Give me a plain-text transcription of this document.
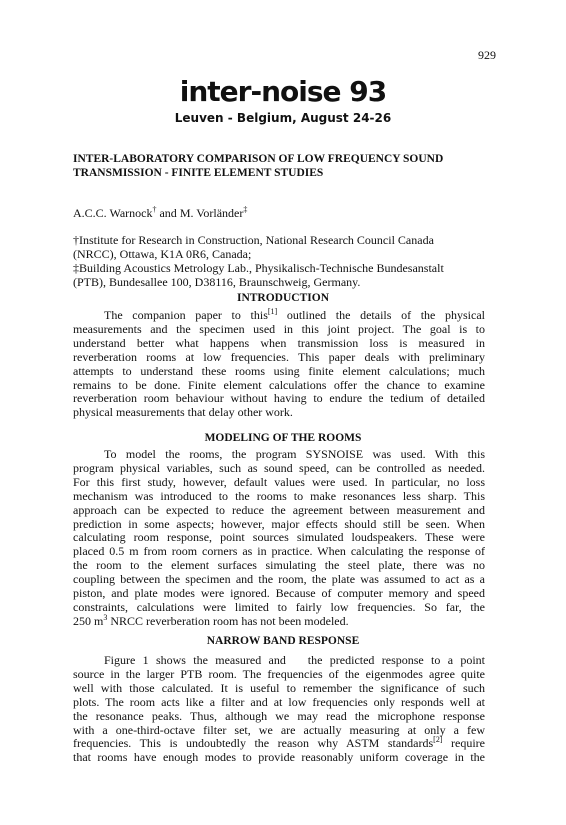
929
inter-noise 93
Leuven - Belgium, August 24-26
INTER-LABORATORY COMPARISON OF LOW FREQUENCY SOUND
TRANSMISSION - FINITE ELEMENT STUDIES
A.C.C. Warnock† and M. Vorländer‡
†Institute for Research in Construction, National Research Council Canada
(NRCC), Ottawa, K1A 0R6, Canada;
‡Building Acoustics Metrology Lab., Physikalisch-Technische Bundesanstalt
(PTB), Bundesallee 100, D38116, Braunschweig, Germany.
INTRODUCTION
The companion paper to this[1] outlined the details of the physical
measurements and the specimen used in this joint project. The goal is to
understand better what happens when transmission loss is measured in
reverberation rooms at low frequencies. This paper deals with preliminary
attempts to understand these rooms using finite element calculations; much
remains to be done. Finite element calculations offer the chance to examine
reverberation room behaviour without having to endure the tedium of detailed
physical measurements that delay other work.
MODELING OF THE ROOMS
To model the rooms, the program SYSNOISE was used. With this
program physical variables, such as sound speed, can be controlled as needed.
For this first study, however, default values were used. In particular, no loss
mechanism was introduced to the rooms to make resonances less sharp. This
approach can be expected to reduce the agreement between measurement and
prediction in some aspects; however, major effects should still be seen. When
calculating room response, point sources simulated loudspeakers. These were
placed 0.5 m from room corners as in practice. When calculating the response of
the room to the element surfaces simulating the steel plate, there was no
coupling between the specimen and the room, the plate was assumed to act as a
piston, and plate modes were ignored. Because of computer memory and speed
constraints, calculations were limited to fairly low frequencies. So far, the
250 $m^3$ NRCC reverberation room has not been modeled.
NARROW BAND RESPONSE
Figure 1 shows the measured and   the predicted response to a point
source in the larger PTB room. The frequencies of the eigenmodes agree quite
well with those calculated. It is useful to remember the significance of such
plots. The room acts like a filter and at low frequencies only responds well at
the resonance peaks. Thus, although we may read the microphone response
with a one-third-octave filter set, we are actually measuring at only a few
frequencies. This is undoubtedly the reason why ASTM standards[2] require
that rooms have enough modes to provide reasonably uniform coverage in the
